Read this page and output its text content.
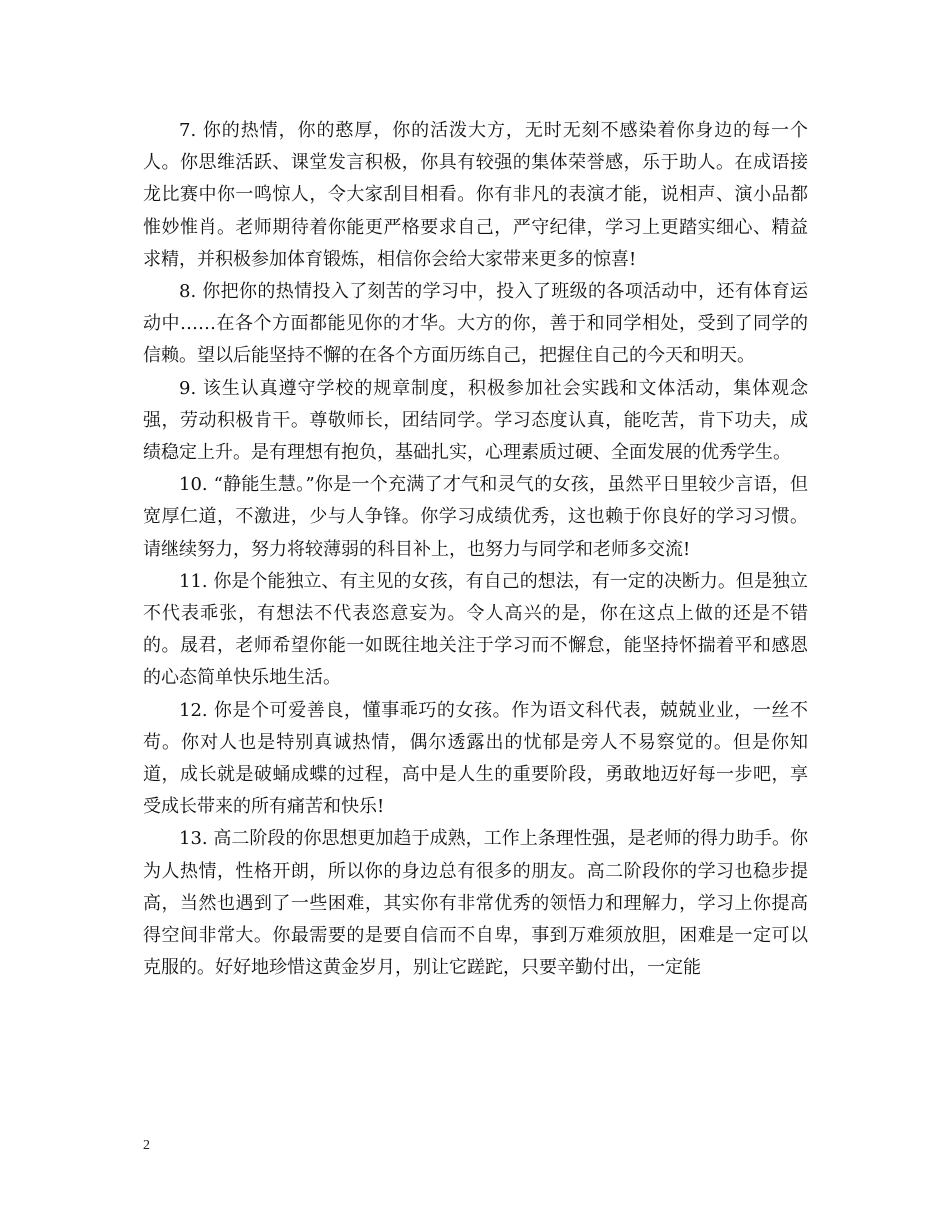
7. 你的热情，你的憨厚，你的活泼大方，无时无刻不感染着你身边的每一个人。你思维活跃、课堂发言积极，你具有较强的集体荣誉感，乐于助人。在成语接龙比赛中你一鸣惊人，令大家刮目相看。你有非凡的表演才能，说相声、演小品都惟妙惟肖。老师期待着你能更严格要求自己，严守纪律，学习上更踏实细心、精益求精，并积极参加体育锻炼，相信你会给大家带来更多的惊喜!

8. 你把你的热情投入了刻苦的学习中，投入了班级的各项活动中，还有体育运动中……在各个方面都能见你的才华。大方的你，善于和同学相处，受到了同学的信赖。望以后能坚持不懈的在各个方面历练自己，把握住自己的今天和明天。

9. 该生认真遵守学校的规章制度，积极参加社会实践和文体活动，集体观念强，劳动积极肯干。尊敬师长，团结同学。学习态度认真，能吃苦，肯下功夫，成绩稳定上升。是有理想有抱负，基础扎实，心理素质过硬、全面发展的优秀学生。

10. “静能生慧。”你是一个充满了才气和灵气的女孩，虽然平日里较少言语，但宽厚仁道，不激进，少与人争锋。你学习成绩优秀，这也赖于你良好的学习习惯。请继续努力，努力将较薄弱的科目补上，也努力与同学和老师多交流!

11. 你是个能独立、有主见的女孩，有自己的想法，有一定的决断力。但是独立不代表乖张，有想法不代表恣意妄为。令人高兴的是，你在这点上做的还是不错的。晟君，老师希望你能一如既往地关注于学习而不懈怠，能坚持怀揣着平和感恩的心态简单快乐地生活。

12. 你是个可爱善良，懂事乖巧的女孩。作为语文科代表，兢兢业业，一丝不苟。你对人也是特别真诚热情，偶尔透露出的忧郁是旁人不易察觉的。但是你知道，成长就是破蛹成蝶的过程，高中是人生的重要阶段，勇敢地迈好每一步吧，享受成长带来的所有痛苦和快乐!

13. 高二阶段的你思想更加趋于成熟，工作上条理性强，是老师的得力助手。你为人热情，性格开朗，所以你的身边总有很多的朋友。高二阶段你的学习也稳步提高，当然也遇到了一些困难，其实你有非常优秀的领悟力和理解力，学习上你提高得空间非常大。你最需要的是要自信而不自卑，事到万难须放胆，困难是一定可以克服的。好好地珍惜这黄金岁月，别让它蹉跎，只要辛勤付出，一定能

2
